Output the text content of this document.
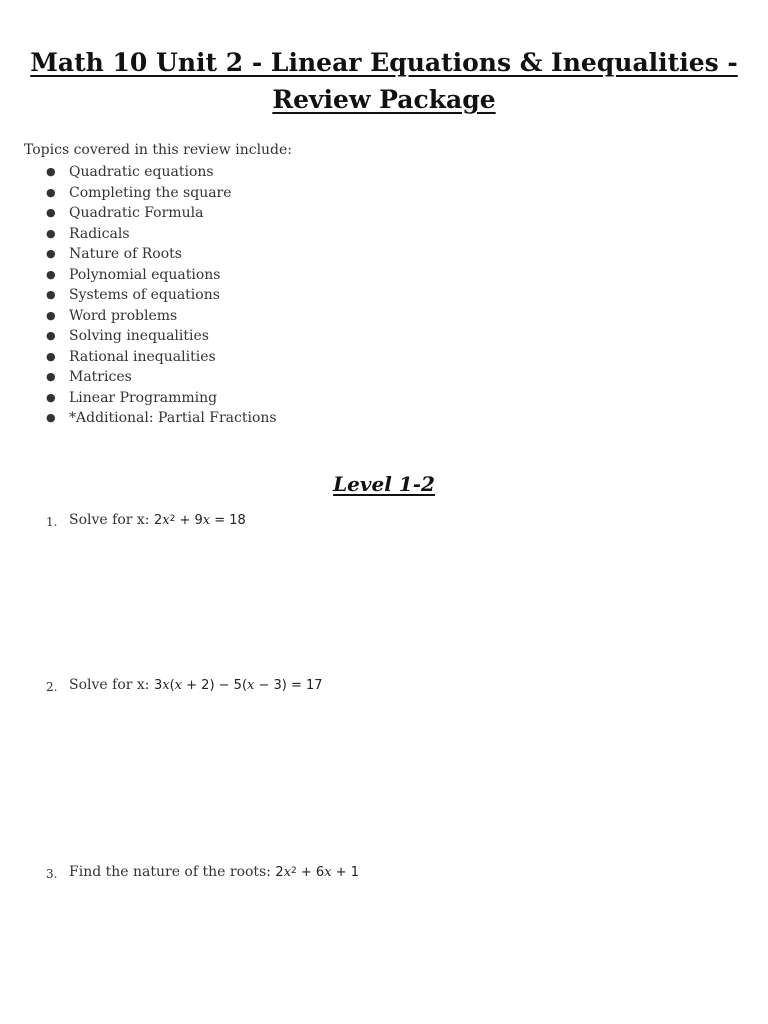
Math 10 Unit 2 - Linear Equations & Inequalities - Review Package
Topics covered in this review include:
● Quadratic equations
● Completing the square
● Quadratic Formula
● Radicals
● Nature of Roots
● Polynomial equations
● Systems of equations
● Word problems
● Solving inequalities
● Rational inequalities
● Matrices
● Linear Programming
● *Additional: Partial Fractions
Level 1-2
1. Solve for x: $2x^2 + 9x = 18$
2. Solve for x: 3x(x + 2) − 5(x − 3) = 17
3. Find the nature of the roots: $2x^2 + 6x + 1$
